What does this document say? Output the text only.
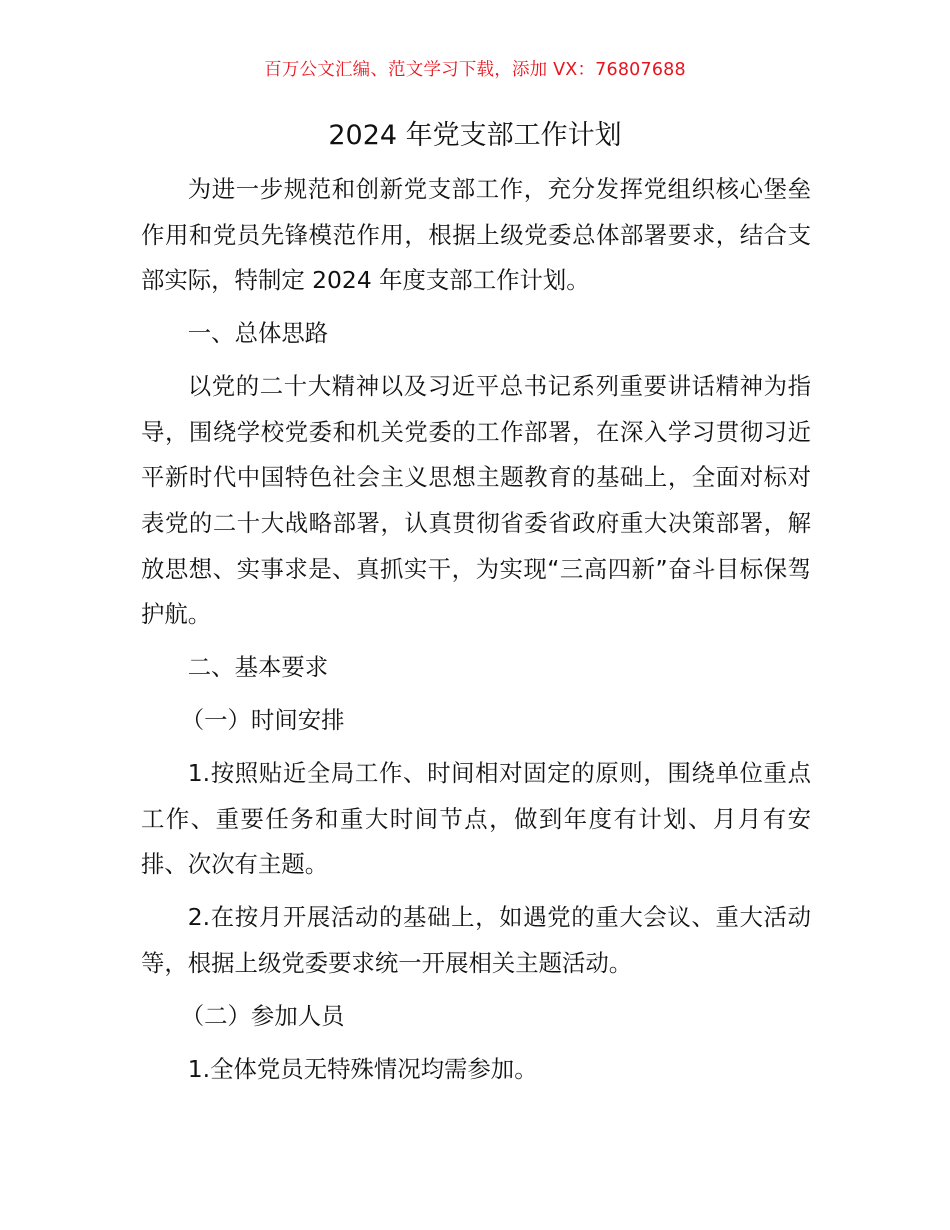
百万公文汇编、范文学习下载，添加 VX：76807688
2024 年党支部工作计划

为进一步规范和创新党支部工作，充分发挥党组织核心堡垒作用和党员先锋模范作用，根据上级党委总体部署要求，结合支部实际，特制定 2024 年度支部工作计划。

一、总体思路

以党的二十大精神以及习近平总书记系列重要讲话精神为指导，围绕学校党委和机关党委的工作部署，在深入学习贯彻习近平新时代中国特色社会主义思想主题教育的基础上，全面对标对表党的二十大战略部署，认真贯彻省委省政府重大决策部署，解放思想、实事求是、真抓实干，为实现“三高四新”奋斗目标保驾护航。

二、基本要求

（一）时间安排

1.按照贴近全局工作、时间相对固定的原则，围绕单位重点工作、重要任务和重大时间节点，做到年度有计划、月月有安排、次次有主题。

2.在按月开展活动的基础上，如遇党的重大会议、重大活动等，根据上级党委要求统一开展相关主题活动。

（二）参加人员

1.全体党员无特殊情况均需参加。
